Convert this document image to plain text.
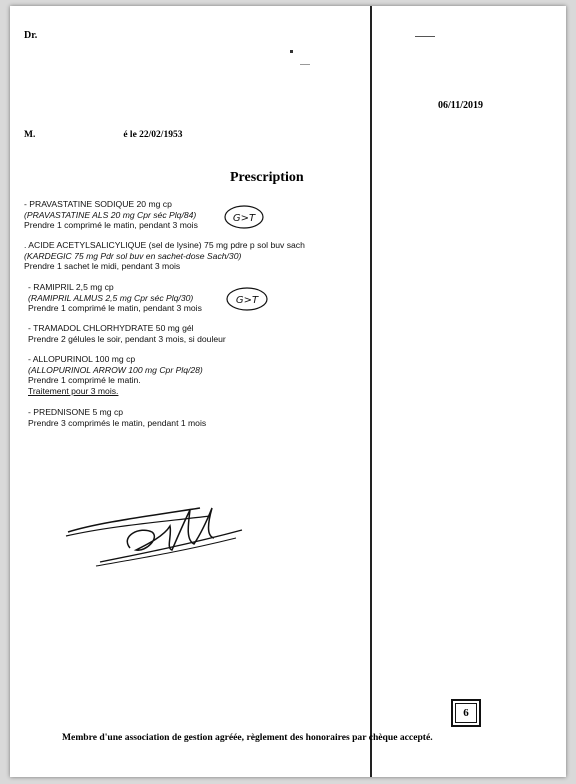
Dr.
06/11/2019
M.	é le 22/02/1953
Prescription
- PRAVASTATINE SODIQUE 20 mg cp
(PRAVASTATINE ALS 20 mg Cpr séc Plq/84)
Prendre 1 comprimé le matin, pendant 3 mois
. ACIDE ACETYLSALICYLIQUE (sel de lysine) 75 mg pdre p sol buv sach
(KARDEGIC 75 mg Pdr sol buv en sachet-dose Sach/30)
Prendre 1 sachet le midi, pendant 3 mois
- RAMIPRIL 2,5 mg cp
(RAMIPRIL ALMUS 2,5 mg Cpr séc Plq/30)
Prendre 1 comprimé le matin, pendant 3 mois
- TRAMADOL CHLORHYDRATE 50 mg gél
Prendre 2 gélules le soir, pendant 3 mois, si douleur
- ALLOPURINOL 100 mg cp
(ALLOPURINOL ARROW 100 mg Cpr Plq/28)
Prendre 1 comprimé le matin.
Traitement pour 3 mois.
- PREDNISONE 5 mg cp
Prendre 3 comprimés le matin, pendant 1 mois
G>T
G>T
6
Membre d'une association de gestion agréée, règlement des honoraires par chèque accepté.
